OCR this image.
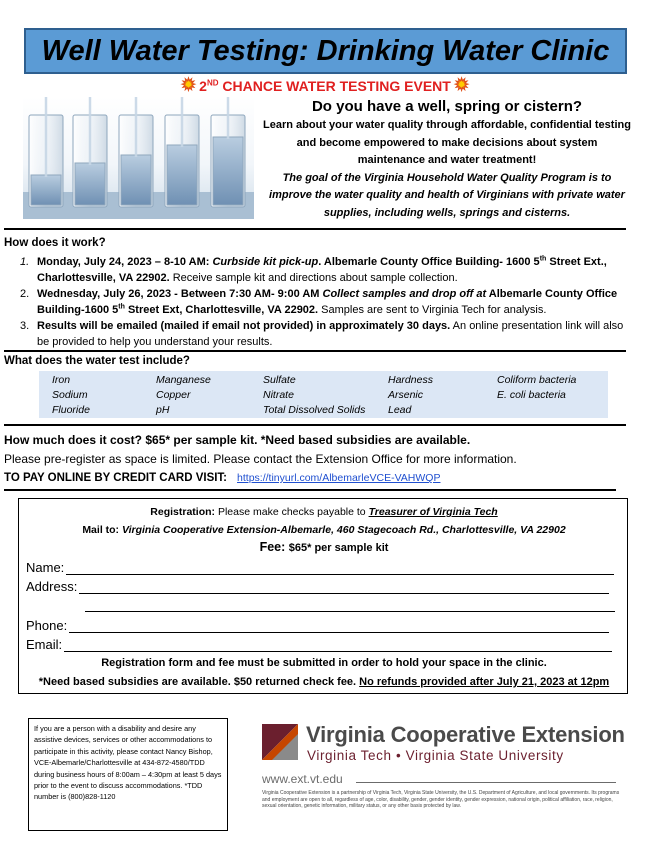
Well Water Testing: Drinking Water Clinic
✹ 2ND CHANCE WATER TESTING EVENT ✹
Do you have a well, spring or cistern?
Learn about your water quality through affordable, confidential testing and become empowered to make decisions about system maintenance and water treatment!
The goal of the Virginia Household Water Quality Program is to improve the water quality and health of Virginians with private water supplies, including wells, springs and cisterns.
How does it work?
1. Monday, July 24, 2023 – 8-10 AM: Curbside kit pick-up. Albemarle County Office Building- 1600 5th Street Ext., Charlottesville, VA 22902. Receive sample kit and directions about sample collection.
2. Wednesday, July 26, 2023 - Between 7:30 AM- 9:00 AM Collect samples and drop off at Albemarle County Office Building-1600 5th Street Ext, Charlottesville, VA 22902. Samples are sent to Virginia Tech for analysis.
3. Results will be emailed (mailed if email not provided) in approximately 30 days. An online presentation link will also be provided to help you understand your results.
What does the water test include?
Iron	Manganese	Sulfate	Hardness	Coliform bacteria
Sodium	Copper	Nitrate	Arsenic	E. coli bacteria
Fluoride	pH	Total Dissolved Solids	Lead
How much does it cost? $65* per sample kit. *Need based subsidies are available.
Please pre-register as space is limited. Please contact the Extension Office for more information.
TO PAY ONLINE BY CREDIT CARD VISIT: https://tinyurl.com/AlbemarleVCE-VAHWQP
Registration: Please make checks payable to Treasurer of Virginia Tech
Mail to: Virginia Cooperative Extension-Albemarle, 460 Stagecoach Rd., Charlottesville, VA 22902
Fee: $65* per sample kit
Name:
Address:
Phone:
Email:
Registration form and fee must be submitted in order to hold your space in the clinic.
*Need based subsidies are available. $50 returned check fee. No refunds provided after July 21, 2023 at 12pm
If you are a person with a disability and desire any assistive devices, services or other accommodations to participate in this activity, please contact Nancy Bishop, VCE-Albemarle/Charlottesville at 434-872-4580/TDD during business hours of 8:00am – 4:30pm at least 5 days prior to the event to discuss accommodations. *TDD number is (800)828-1120
Virginia Cooperative Extension
Virginia Tech • Virginia State University
www.ext.vt.edu
Virginia Cooperative Extension is a partnership of Virginia Tech, Virginia State University, the U.S. Department of Agriculture, and local governments. Its programs and employment are open to all, regardless of age, color, disability, gender, gender identity, gender expression, national origin, political affiliation, race, religion, sexual orientation, genetic information, military status, or any other basis protected by law.
